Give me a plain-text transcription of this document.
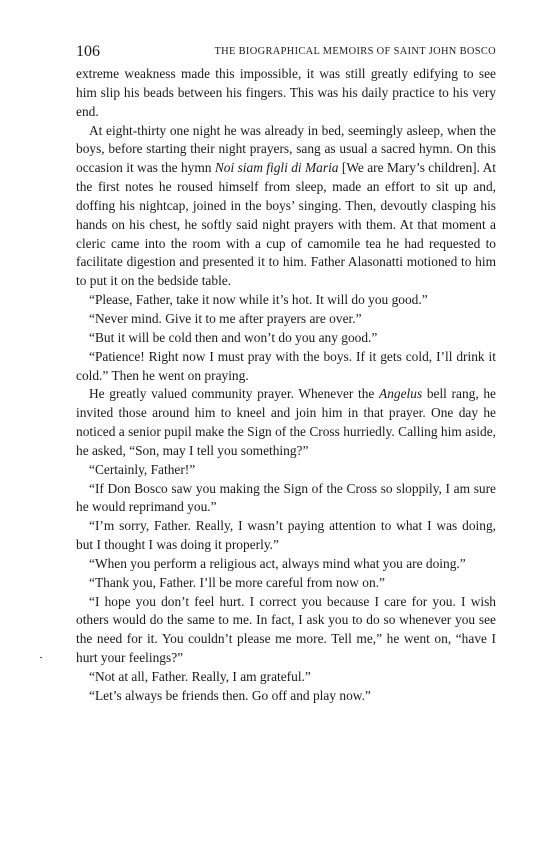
106	THE BIOGRAPHICAL MEMOIRS OF SAINT JOHN BOSCO

extreme weakness made this impossible, it was still greatly edifying to see him slip his beads between his fingers. This was his daily practice to his very end.

At eight-thirty one night he was already in bed, seemingly asleep, when the boys, before starting their night prayers, sang as usual a sacred hymn. On this occasion it was the hymn Noi siam figli di Maria [We are Mary’s children]. At the first notes he roused himself from sleep, made an effort to sit up and, doffing his nightcap, joined in the boys’ singing. Then, devoutly clasping his hands on his chest, he softly said night prayers with them. At that moment a cleric came into the room with a cup of camomile tea he had requested to facilitate digestion and presented it to him. Father Alasonatti motioned to him to put it on the bedside table.

“Please, Father, take it now while it’s hot. It will do you good.”

“Never mind. Give it to me after prayers are over.”

“But it will be cold then and won’t do you any good.”

“Patience! Right now I must pray with the boys. If it gets cold, I’ll drink it cold.” Then he went on praying.

He greatly valued community prayer. Whenever the Angelus bell rang, he invited those around him to kneel and join him in that prayer. One day he noticed a senior pupil make the Sign of the Cross hurriedly. Calling him aside, he asked, “Son, may I tell you something?”

“Certainly, Father!”

“If Don Bosco saw you making the Sign of the Cross so sloppily, I am sure he would reprimand you.”

“I’m sorry, Father. Really, I wasn’t paying attention to what I was doing, but I thought I was doing it properly.”

“When you perform a religious act, always mind what you are doing.”

“Thank you, Father. I’ll be more careful from now on.”

“I hope you don’t feel hurt. I correct you because I care for you. I wish others would do the same to me. In fact, I ask you to do so whenever you see the need for it. You couldn’t please me more. Tell me,” he went on, “have I hurt your feelings?”

“Not at all, Father. Really, I am grateful.”

“Let’s always be friends then. Go off and play now.”
